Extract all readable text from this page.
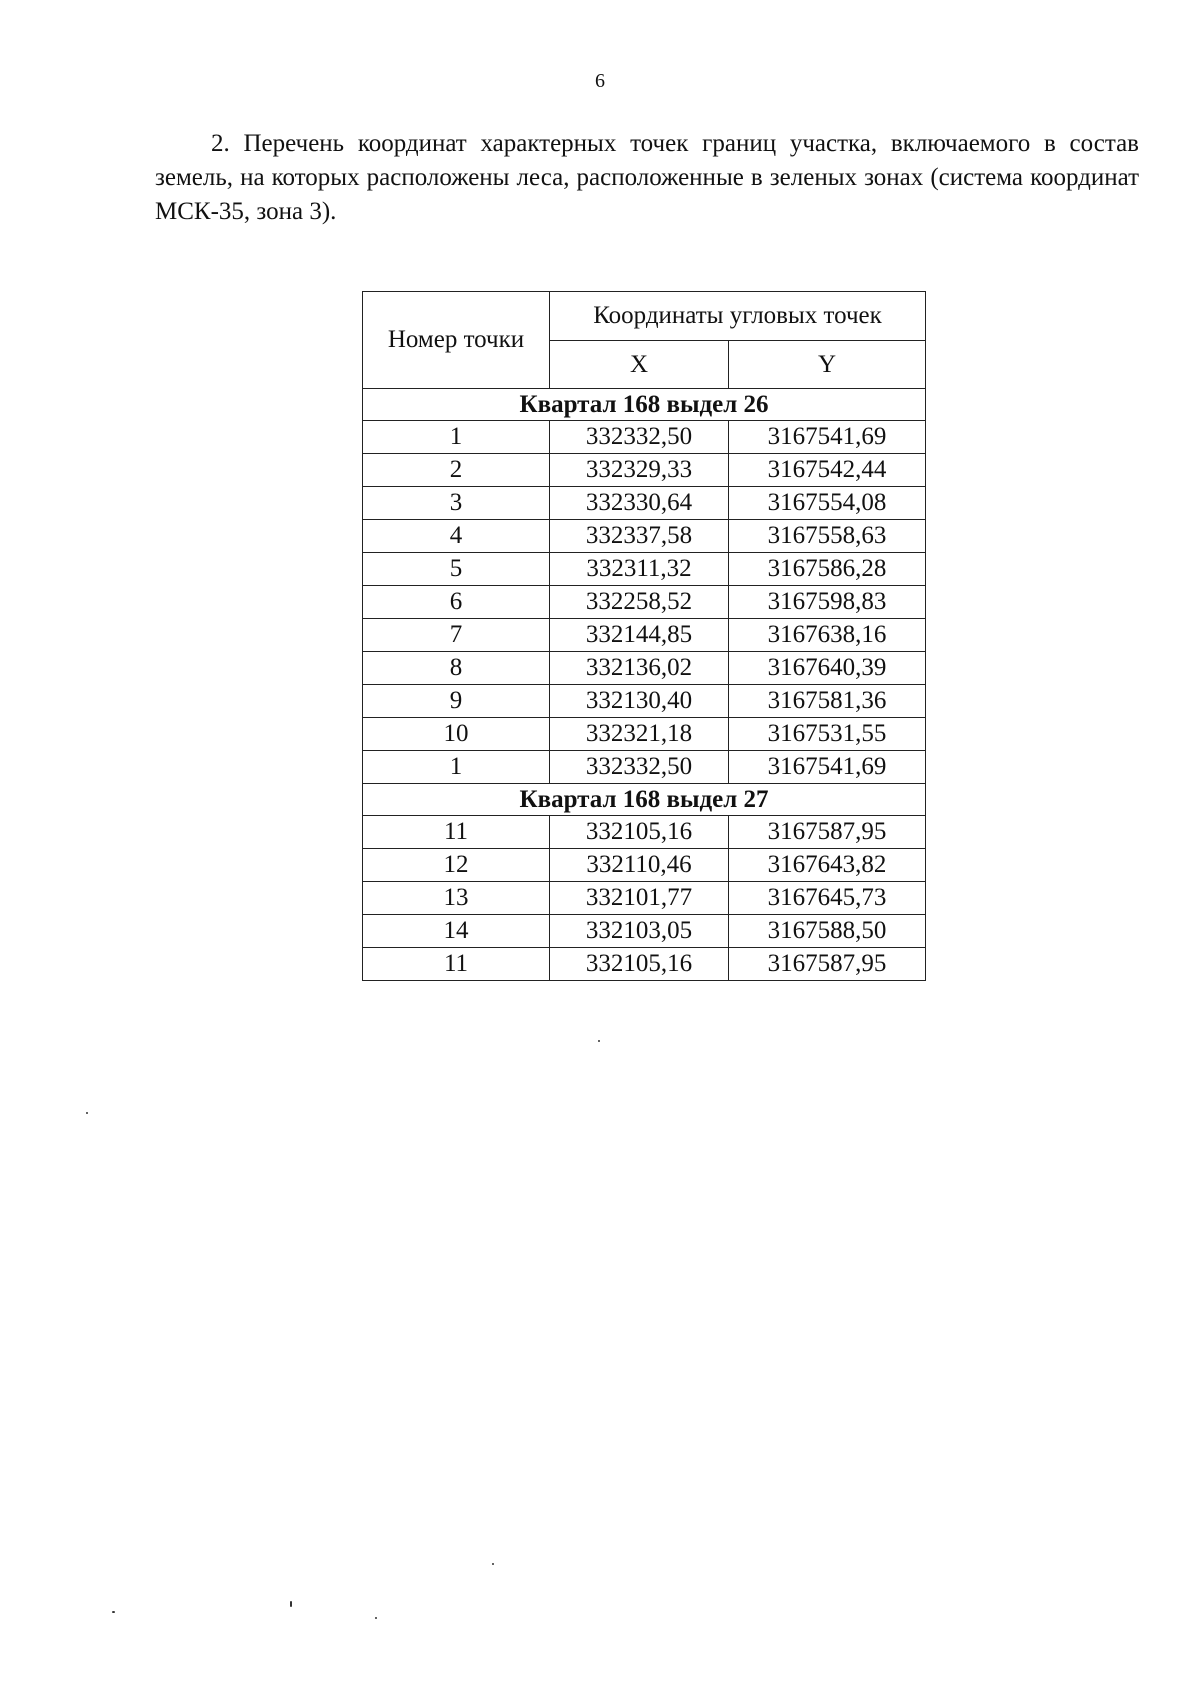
6

2. Перечень координат характерных точек границ участка, включаемого в состав земель, на которых расположены леса, расположенные в зеленых зонах (система координат МСК-35, зона 3).

Номер точки	Координаты угловых точек	
	X	Y
Квартал 168 выдел 26		
1	332332,50	3167541,69
2	332329,33	3167542,44
3	332330,64	3167554,08
4	332337,58	3167558,63
5	332311,32	3167586,28
6	332258,52	3167598,83
7	332144,85	3167638,16
8	332136,02	3167640,39
9	332130,40	3167581,36
10	332321,18	3167531,55
1	332332,50	3167541,69
Квартал 168 выдел 27		
11	332105,16	3167587,95
12	332110,46	3167643,82
13	332101,77	3167645,73
14	332103,05	3167588,50
11	332105,16	3167587,95
